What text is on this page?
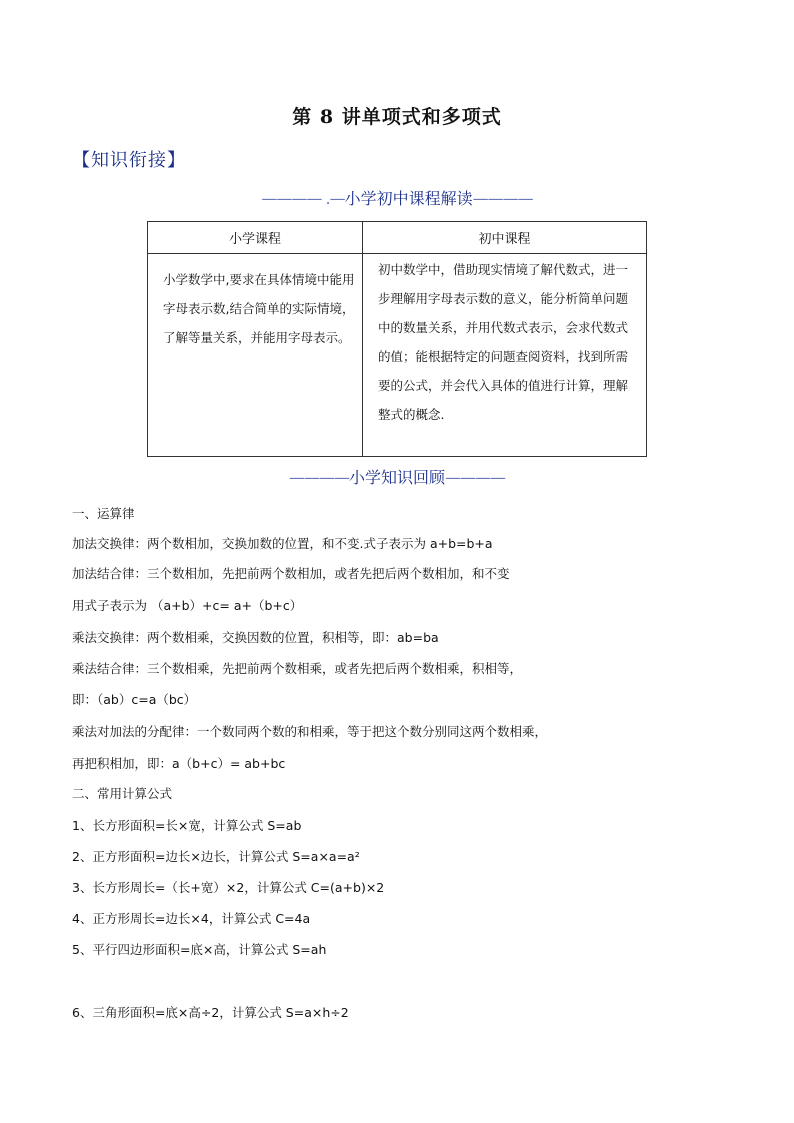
第 8 讲单项式和多项式
【知识衔接】
———— .—小学初中课程解读————
小学课程	初中课程

小学数学中,要求在具体情境中能用字母表示数,结合简单的实际情境，了解等量关系，并能用字母表示。	初中数学中，借助现实情境了解代数式，进一步理解用字母表示数的意义，能分析简单问题中的数量关系，并用代数式表示，会求代数式的值；能根据特定的问题查阅资料，找到所需要的公式，并会代入具体的值进行计算，理解整式的概念.
————小学知识回顾————
一、运算律
加法交换律：两个数相加，交换加数的位置，和不变.式子表示为 a+b=b+a
加法结合律：三个数相加，先把前两个数相加，或者先把后两个数相加，和不变
用式子表示为 （a+b）+c= a+（b+c）
乘法交换律：两个数相乘，交换因数的位置，积相等，即：ab=ba
乘法结合律：三个数相乘，先把前两个数相乘，或者先把后两个数相乘，积相等，
即：（ab）c=a（bc）
乘法对加法的分配律：一个数同两个数的和相乘，等于把这个数分别同这两个数相乘，
再把积相加，即：a（b+c）= ab+bc
二、常用计算公式
1、长方形面积=长×宽，计算公式 S=ab
2、正方形面积=边长×边长，计算公式 S=a×a=a²
3、长方形周长=（长+宽）×2，计算公式 C=(a+b)×2
4、正方形周长=边长×4，计算公式 C=4a
5、平行四边形面积=底×高，计算公式 S=ah
6、三角形面积=底×高÷2，计算公式 S=a×h÷2
